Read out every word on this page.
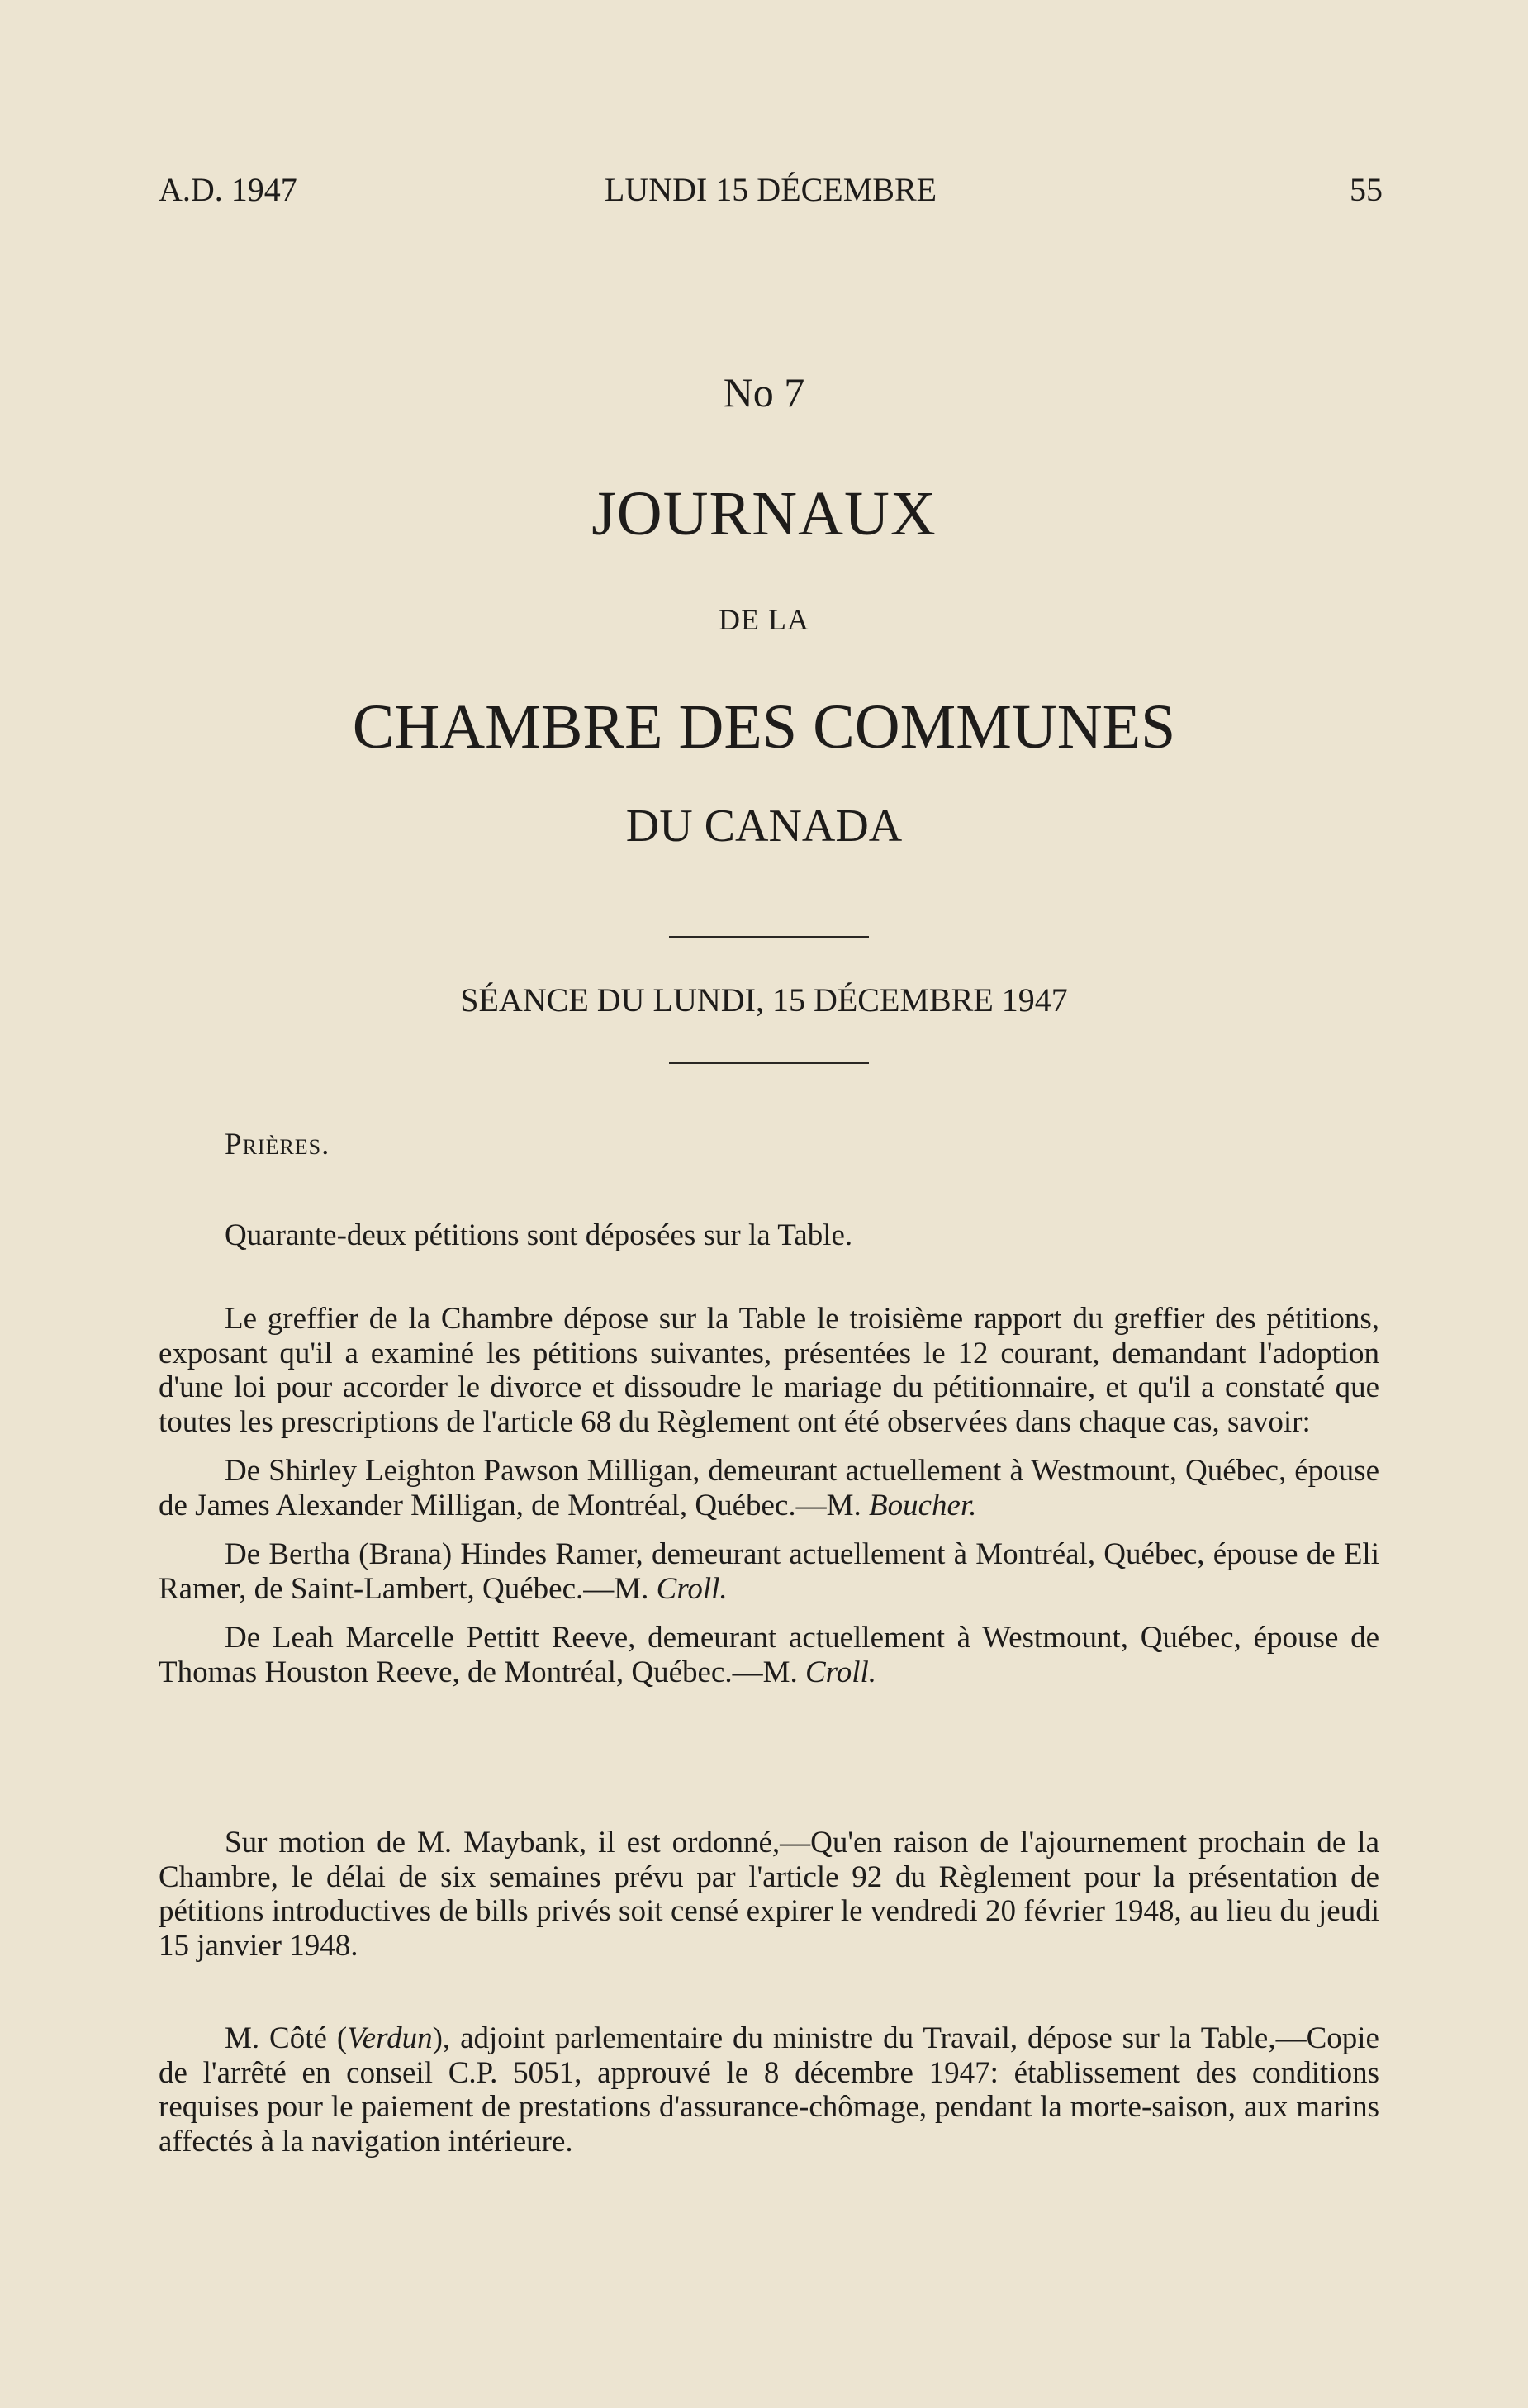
A.D. 1947	LUNDI 15 DÉCEMBRE	55
No 7
JOURNAUX
DE LA
CHAMBRE DES COMMUNES
DU CANADA
SÉANCE DU LUNDI, 15 DÉCEMBRE 1947

Prières.

Quarante-deux pétitions sont déposées sur la Table.

Le greffier de la Chambre dépose sur la Table le troisième rapport du greffier des pétitions, exposant qu'il a examiné les pétitions suivantes, présentées le 12 courant, demandant l'adoption d'une loi pour accorder le divorce et dissoudre le mariage du pétitionnaire, et qu'il a constaté que toutes les prescriptions de l'article 68 du Règlement ont été observées dans chaque cas, savoir:

De Shirley Leighton Pawson Milligan, demeurant actuellement à Westmount, Québec, épouse de James Alexander Milligan, de Montréal, Québec.—M. Boucher.

De Bertha (Brana) Hindes Ramer, demeurant actuellement à Montréal, Québec, épouse de Eli Ramer, de Saint-Lambert, Québec.—M. Croll.

De Leah Marcelle Pettitt Reeve, demeurant actuellement à Westmount, Québec, épouse de Thomas Houston Reeve, de Montréal, Québec.—M. Croll.

Sur motion de M. Maybank, il est ordonné,—Qu'en raison de l'ajournement prochain de la Chambre, le délai de six semaines prévu par l'article 92 du Règlement pour la présentation de pétitions introductives de bills privés soit censé expirer le vendredi 20 février 1948, au lieu du jeudi 15 janvier 1948.

M. Côté (Verdun), adjoint parlementaire du ministre du Travail, dépose sur la Table,—Copie de l'arrêté en conseil C.P. 5051, approuvé le 8 décembre 1947: établissement des conditions requises pour le paiement de prestations d'assurance-chômage, pendant la morte-saison, aux marins affectés à la navigation intérieure.
